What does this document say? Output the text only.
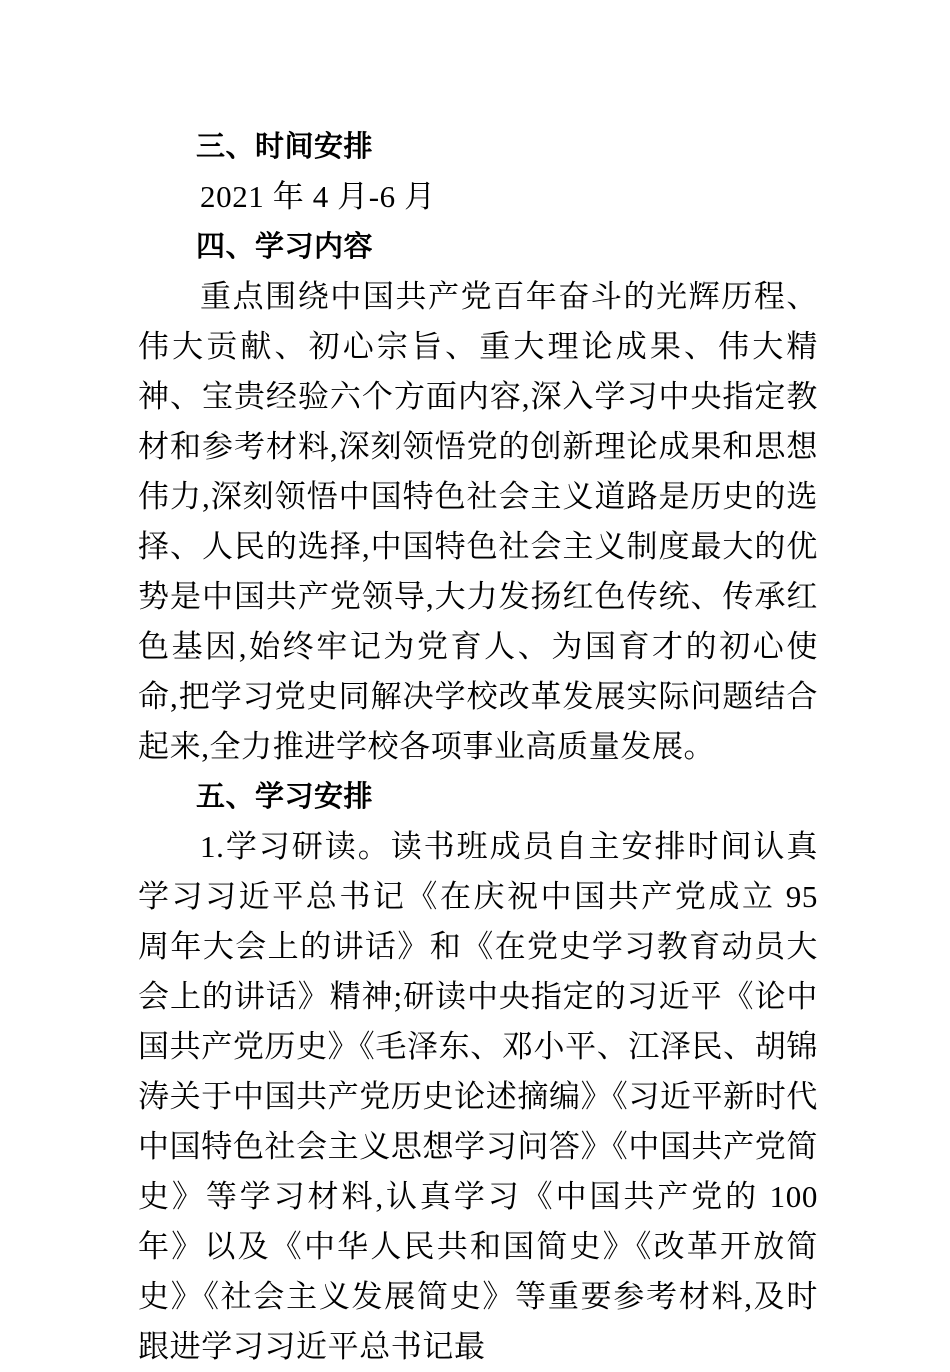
三、时间安排

2021 年 4 月-6 月

四、学习内容

重点围绕中国共产党百年奋斗的光辉历程、伟大贡献、初心宗旨、重大理论成果、伟大精神、宝贵经验六个方面内容,深入学习中央指定教材和参考材料,深刻领悟党的创新理论成果和思想伟力,深刻领悟中国特色社会主义道路是历史的选择、人民的选择,中国特色社会主义制度最大的优势是中国共产党领导,大力发扬红色传统、传承红色基因,始终牢记为党育人、为国育才的初心使命,把学习党史同解决学校改革发展实际问题结合起来,全力推进学校各项事业高质量发展。

五、学习安排

1.学习研读。读书班成员自主安排时间认真学习习近平总书记《在庆祝中国共产党成立 95 周年大会上的讲话》和《在党史学习教育动员大会上的讲话》精神;研读中央指定的习近平《论中国共产党历史》《毛泽东、邓小平、江泽民、胡锦涛关于中国共产党历史论述摘编》《习近平新时代中国特色社会主义思想学习问答》《中国共产党简史》等学习材料,认真学习《中国共产党的 100 年》以及《中华人民共和国简史》《改革开放简史》《社会主义发展简史》等重要参考材料,及时跟进学习习近平总书记最
